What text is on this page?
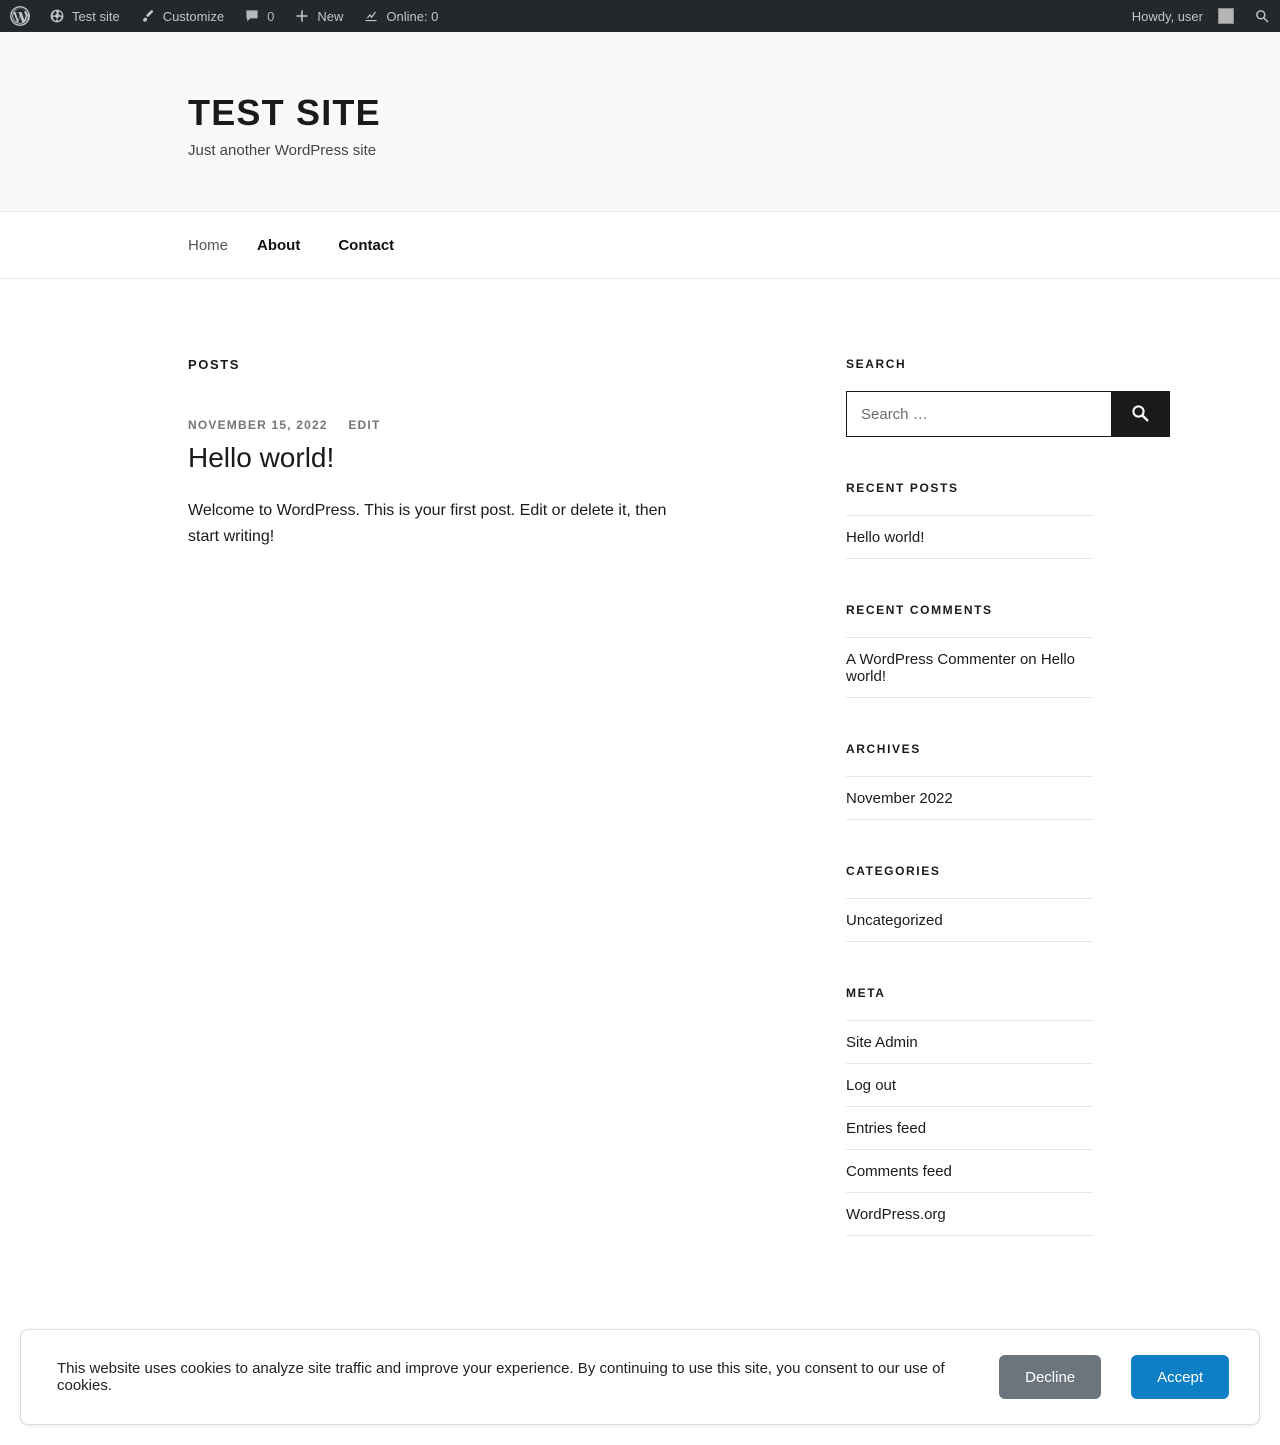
Test site	Customize	0	New	Online: 0	Howdy, user
TEST SITE

Just another WordPress site

Home	About	Contact
POSTS
NOVEMBER 15, 2022 EDIT
Hello world!
Welcome to WordPress. This is your first post. Edit or delete it, then start writing!
SEARCH
Search …
RECENT POSTS
Hello world!
RECENT COMMENTS
A WordPress Commenter on Hello world!
ARCHIVES
November 2022
CATEGORIES
Uncategorized
META
Site Admin
Log out
Entries feed
Comments feed
WordPress.org
This website uses cookies to analyze site traffic and improve your experience. By continuing to use this site, you consent to our use of cookies.	Decline	Accept
